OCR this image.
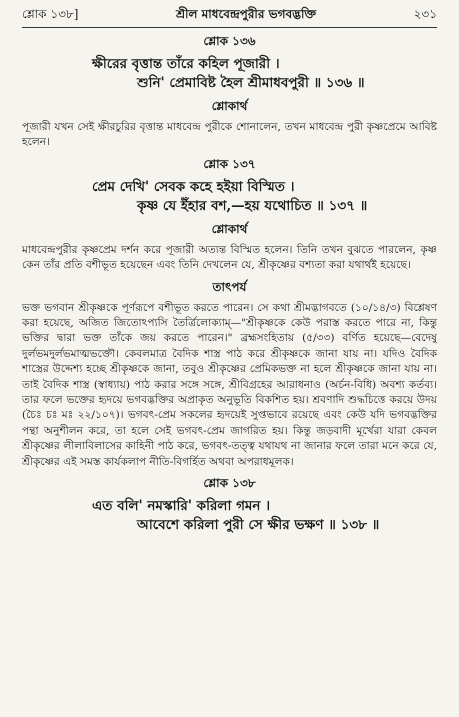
শ্লোক ১৩৮]	শ্রীল মাধবেন্দ্রপুরীর ভগবদ্ভক্তি	২৩১
শ্লোক ১৩৬
ক্ষীরের বৃত্তান্ত তাঁরে কহিল পূজারী ।
শুনি' প্রেমাবিষ্ট হৈল শ্রীমাধবপুরী ॥ ১৩৬ ॥
শ্লোকার্থ

পূজারী যখন সেই ক্ষীরচুরির বৃত্তান্ত মাধবেন্দ্র পুরীকে শোনালেন, তখন মাধবেন্দ্র পুরী কৃষ্ণপ্রেমে আবিষ্ট হলেন।

শ্লোক ১৩৭
প্রেম দেখি' সেবক কহে হইয়া বিস্মিত ।
কৃষ্ণ যে ইঁহার বশ,—হয় যথোচিত ॥ ১৩৭ ॥
শ্লোকার্থ

মাধবেন্দ্রপুরীর কৃষ্ণপ্রেম দর্শন করে পূজারী অত্যন্ত বিস্মিত হলেন। তিনি তখন বুঝতে পারলেন, কৃষ্ণ কেন তাঁর প্রতি বশীভূত হয়েছেন এবং তিনি দেখলেন যে, শ্রীকৃষ্ণের বশ্যতা করা যথার্থই হয়েছে।

তাৎপর্য

ভক্ত ভগবান শ্রীকৃষ্ণকে পূর্ণরূপে বশীভূত করতে পারেন। সে কথা শ্রীমদ্ভাগবতে (১০/১৪/৩) বিশ্লেষণ করা হয়েছে, অজিত জিতোঽপ্যসি তৈর্ত্রিলোক্যাম্—"শ্রীকৃষ্ণকে কেউ পরাস্ত করতে পারে না, কিন্তু ভক্তির দ্বারা ভক্ত তাঁকে জয় করতে পারেন।" ব্রহ্মসংহিতায় (৫/৩৩) বর্ণিত হয়েছে—বেদেষু দুর্লভমদুর্লভমাত্মভক্তৌ। কেবলমাত্র বৈদিক শাস্ত্র পাঠ করে শ্রীকৃষ্ণকে জানা যায় না। যদিও বৈদিক শাস্ত্রের উদ্দেশ্য হচ্ছে শ্রীকৃষ্ণকে জানা, তবুও শ্রীকৃষ্ণের প্রেমিকভক্ত না হলে শ্রীকৃষ্ণকে জানা যায় না। তাই বৈদিক শাস্ত্র (স্বাধ্যায়) পাঠ করার সঙ্গে সঙ্গে, শ্রীবিগ্রহের আরাধনাও (অর্চন-বিধি) অবশ্য কর্তব্য। তার ফলে ভক্তের হৃদয়ে ভগবদ্ভক্তির অপ্রাকৃত অনুভূতি বিকশিত হয়। শ্রবণাদি শুদ্ধচিত্তে করয়ে উদয় (চৈঃ চঃ মঃ ২২/১০৭)। ভগবৎ-প্রেম সকলের হৃদয়েই সুপ্তভাবে রয়েছে এবং কেউ যদি ভগবদ্ভক্তির পন্থা অনুশীলন করে, তা হলে সেই ভগবৎ-প্রেম জাগরিত হয়। কিন্তু জড়বাদী মূর্খেরা যারা কেবল শ্রীকৃষ্ণের লীলাবিলাসের কাহিনী পাঠ করে, ভগবৎ-তত্ত্ব যথাযথ না জানার ফলে তারা মনে করে যে, শ্রীকৃষ্ণের এই সমস্ত কার্যকলাপ নীতি-বিগর্হিত অথবা অপরাধমূলক।

শ্লোক ১৩৮
এত বলি' নমস্কারি' করিলা গমন ।
আবেশে করিলা পুরী সে ক্ষীর ভক্ষণ ॥ ১৩৮ ॥
